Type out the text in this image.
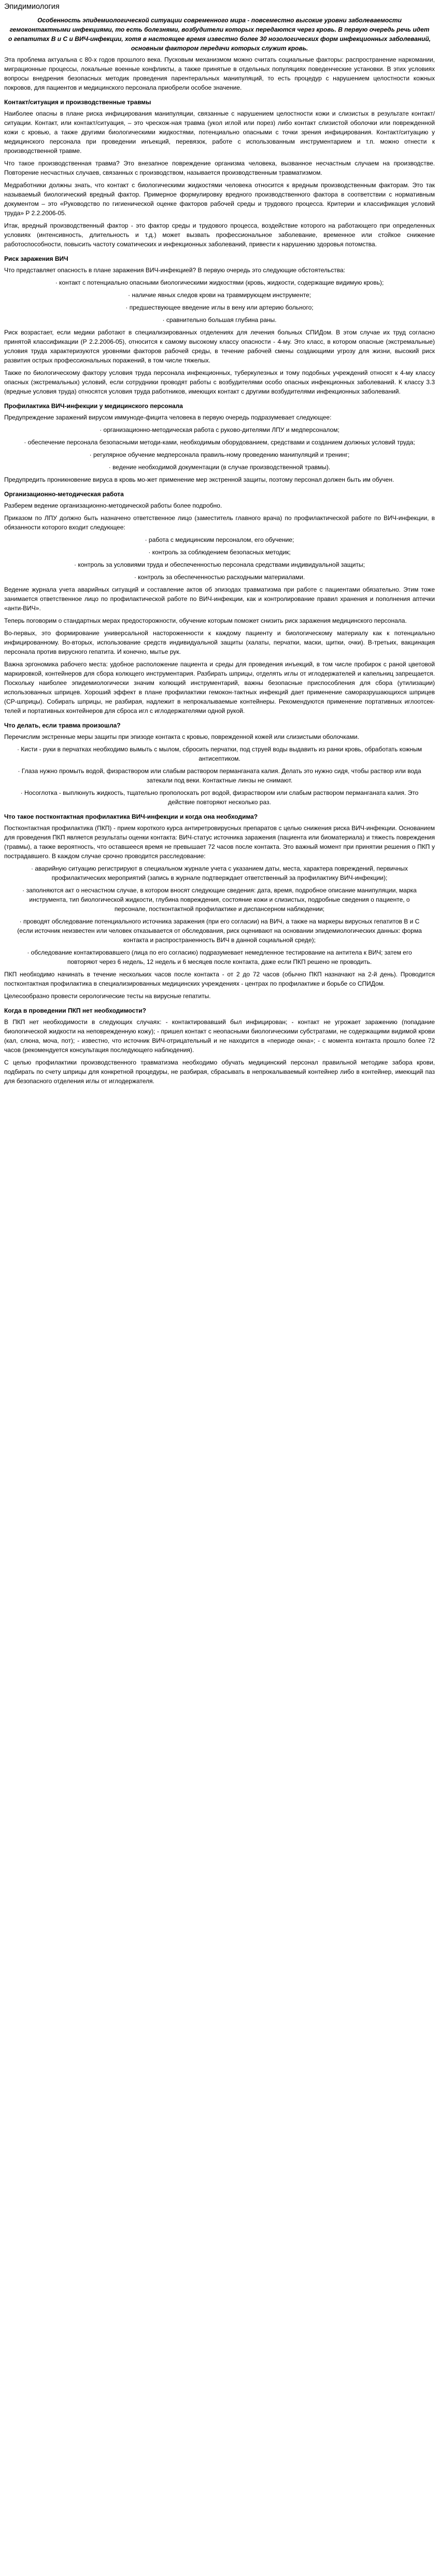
Эпидимиология

Особенность эпидемиологической ситуации современного мира - повсеместно высокие уровни заболеваемости гемоконтактными инфекциями, то есть болезнями, возбудители которых передаются через кровь. В первую очередь речь идет о гепатитах В и С и ВИЧ-инфекции, хотя в настоящее время известно более 30 нозологических форм инфекционных заболеваний, основным фактором передачи которых служит кровь.

Эта проблема актуальна с 80-х годов прошлого века. Пусковым механизмом можно считать социальные факторы: распространение наркомании, миграционные процессы, локальные военные конфликты, а также принятые в отдельных популяциях поведенческие установки. В этих условиях вопросы внедрения безопасных методик проведения парентеральных манипуляций, то есть процедур с нарушением целостности кожных покровов, для пациентов и медицинского персонала приобрели особое значение.

Контакт/ситуация и производственные травмы

Наиболее опасны в плане риска инфицирования манипуляции, связанные с нарушением целостности кожи и слизистых в результате контакт/ситуации. Контакт, или контакт/ситуация, – это чрескож-ная травма (укол иглой или порез) либо контакт слизистой оболочки или поврежденной кожи с кровью, а также другими биологическими жидкостями, потенциально опасными с точки зрения инфицирования. Контакт/ситуацию у медицинского персонала при проведении инъекций, перевязок, работе с использованным инструментарием и т.п. можно отнести к производственной травме.

Что такое производственная травма? Это внезапное повреждение организма человека, вызванное несчастным случаем на производстве. Повторение несчастных случаев, связанных с производством, называется производственным травматизмом.

Медработники должны знать, что контакт с биологическими жидкостями человека относится к вредным производственным факторам. Это так называемый биологический вредный фактор. Примерное формулировку вредного производственного фактора в соответствии с нормативным документом – это «Руководство по гигиенической оценке факторов рабочей среды и трудового процесса. Критерии и классификация условий труда» Р 2.2.2006-05.

Итак, вредный производственный фактор - это фактор среды и трудового процесса, воздействие которого на работающего при определенных условиях (интенсивность, длительность и т.д.) может вызвать профессиональное заболевание, временное или стойкое снижение работоспособности, повысить частоту соматических и инфекционных заболеваний, привести к нарушению здоровья потомства.

Риск заражения ВИЧ

Что представляет опасность в плане заражения ВИЧ-инфекцией? В первую очередь это следующие обстоятельства:

· контакт с потенциально опасными биологическими жидкостями (кровь, жидкости, содержащие видимую кровь);

· наличие явных следов крови на травмирующем инструменте;

· предшествующее введение иглы в вену или артерию больного;

· сравнительно большая глубина раны.

Риск возрастает, если медики работают в специализированных отделениях для лечения больных СПИДом. В этом случае их труд согласно принятой классификации (Р 2.2.2006-05), относится к самому высокому классу опасности - 4-му. Это класс, в котором опасные (экстремальные) условия труда характеризуются уровнями факторов рабочей среды, в течение рабочей смены создающими угрозу для жизни, высокий риск развития острых профессиональных поражений, в том числе тяжелых.

Также по биологическому фактору условия труда персонала инфекционных, туберкулезных и тому подобных учреждений относят к 4-му классу опасных (экстремальных) условий, если сотрудники проводят работы с возбудителями особо опасных инфекционных заболеваний. К классу 3.3 (вредные условия труда) относятся условия труда работников, имеющих контакт с другими возбудителями инфекционных заболеваний.

Профилактика ВИЧ-инфекции у медицинского персонала

Предупреждение заражений вирусом иммуноде-фицита человека в первую очередь подразумевает следующее:

· организационно-методическая работа с руково-дителями ЛПУ и медперсоналом;

· обеспечение персонала безопасными методи-ками, необходимым оборудованием, средствами и созданием должных условий труда;

· регулярное обучение медперсонала правиль-ному проведению манипуляций и тренинг;

· ведение необходимой документации (в случае производственной травмы).

Предупредить проникновение вируса в кровь мо-жет применение мер экстренной защиты, поэтому персонал должен быть им обучен.

Организационно-методическая работа

Разберем ведение организационно-методической работы более подробно.

Приказом по ЛПУ должно быть назначено ответственное лицо (заместитель главного врача) по профилактической работе по ВИЧ-инфекции, в обязанности которого входит следующее:

· работа с медицинским персоналом, его обучение;

· контроль за соблюдением безопасных методик;

· контроль за условиями труда и обеспеченностью персонала средствами индивидуальной защиты;

· контроль за обеспеченностью расходными материалами.

Ведение журнала учета аварийных ситуаций и составление актов об эпизодах травматизма при работе с пациентами обязательно. Этим тоже занимается ответственное лицо по профилактической работе по ВИЧ-инфекции, как и контролирование правил хранения и пополнения аптечки «анти-ВИЧ».

Теперь поговорим о стандартных мерах предосторожности, обучение которым поможет снизить риск заражения медицинского персонала.

Во-первых, это формирование универсальной настороженности к каждому пациенту и биологическому материалу как к потенциально инфицированному. Во-вторых, использование средств индивидуальной защиты (халаты, перчатки, маски, щитки, очки). В-третьих, вакцинация персонала против вирусного гепатита. И конечно, мытье рук.

Важна эргономика рабочего места: удобное расположение пациента и среды для проведения инъекций, в том числе пробирок с раной цветовой маркировкой, контейнеров для сбора колющего инструментария. Разбирать шприцы, отделять иглы от иглодержателей и капельниц запрещается. Поскольку наиболее эпидемиологически значим колющий инструментарий, важны безопасные приспособления для сбора (утилизации) использованных шприцев. Хороший эффект в плане профилактики гемокон-тактных инфекций дает применение саморазрушающихся шприцев (СР-шприцы). Собирать шприцы, не разбирая, надлежит в непрокалываемые контейнеры. Рекомендуются применение портативных иглоотсек-телей и портативных контейнеров для сброса игл с иглодержателями одной рукой.

Что делать, если травма произошла?

Перечислим экстренные меры защиты при эпизоде контакта с кровью, поврежденной кожей или слизистыми оболочками.

· Кисти - руки в перчатках необходимо вымыть с мылом, сбросить перчатки, под струей воды выдавить из ранки кровь, обработать кожным антисептиком.

· Глаза нужно промыть водой, физраствором или слабым раствором перманганата калия. Делать это нужно сидя, чтобы раствор или вода затекали под веки. Контактные линзы не снимают.

· Носоглотка - выплюнуть жидкость, тщательно прополоскать рот водой, физраствором или слабым раствором перманганата калия. Это действие повторяют несколько раз.

Что такое постконтактная профилактика ВИЧ-инфекции и когда она необходима?

Постконтактная профилактика (ПКП) - прием короткого курса антиретровирусных препаратов с целью снижения риска ВИЧ-инфекции. Основанием для проведения ПКП является результаты оценки контакта: ВИЧ-статус источника заражения (пациента или биоматериала) и тяжесть повреждения (травмы), а также вероятность, что оставшееся время не превышает 72 часов после контакта. Это важный момент при принятии решения о ПКП у пострадавшего. В каждом случае срочно проводится расследование:

· аварийную ситуацию регистрируют в специальном журнале учета с указанием даты, места, характера повреждений, первичных профилактических мероприятий (запись в журнале подтверждает ответственный за профилактику ВИЧ-инфекции);

· заполняются акт о несчастном случае, в котором вносят следующие сведения: дата, время, подробное описание манипуляции, марка инструмента, тип биологической жидкости, глубина повреждения, состояние кожи и слизистых, подробные сведения о пациенте, о персонале, постконтактной профилактике и диспансерном наблюдении;

· проводят обследование потенциального источника заражения (при его согласии) на ВИЧ, а также на маркеры вирусных гепатитов В и С (если источник неизвестен или человек отказывается от обследования, риск оценивают на основании эпидемиологических данных: форма контакта и распространенность ВИЧ в данной социальной среде);

· обследование контактировавшего (лица по его согласию) подразумевает немедленное тестирование на антитела к ВИЧ; затем его повторяют через 6 недель, 12 недель и 6 месяцев после контакта, даже если ПКП решено не проводить.

ПКП необходимо начинать в течение нескольких часов после контакта - от 2 до 72 часов (обычно ПКП назначают на 2-й день). Проводится постконтактная профилактика в специализированных медицинских учреждениях - центрах по профилактике и борьбе со СПИДом.

Целесообразно провести серологические тесты на вирусные гепатиты.

Когда в проведении ПКП нет необходимости?

В ПКП нет необходимости в следующих случаях: - контактировавший был инфицирован; - контакт не угрожает заражению (попадание биологической жидкости на неповрежденную кожу); - пришел контакт с неопасными биологическими субстратами, не содержащими видимой крови (кал, слюна, моча, пот); - известно, что источник ВИЧ-отрицательный и не находится в «периоде окна»; - с момента контакта прошло более 72 часов (рекомендуется консультация последующего наблюдения).

С целью профилактики производственного травматизма необходимо обучать медицинский персонал правильной методике забора крови, подбирать по счету шприцы для конкретной процедуры, не разбирая, сбрасывать в непрокалываемый контейнер либо в контейнер, имеющий паз для безопасного отделения иглы от иглодержателя.
